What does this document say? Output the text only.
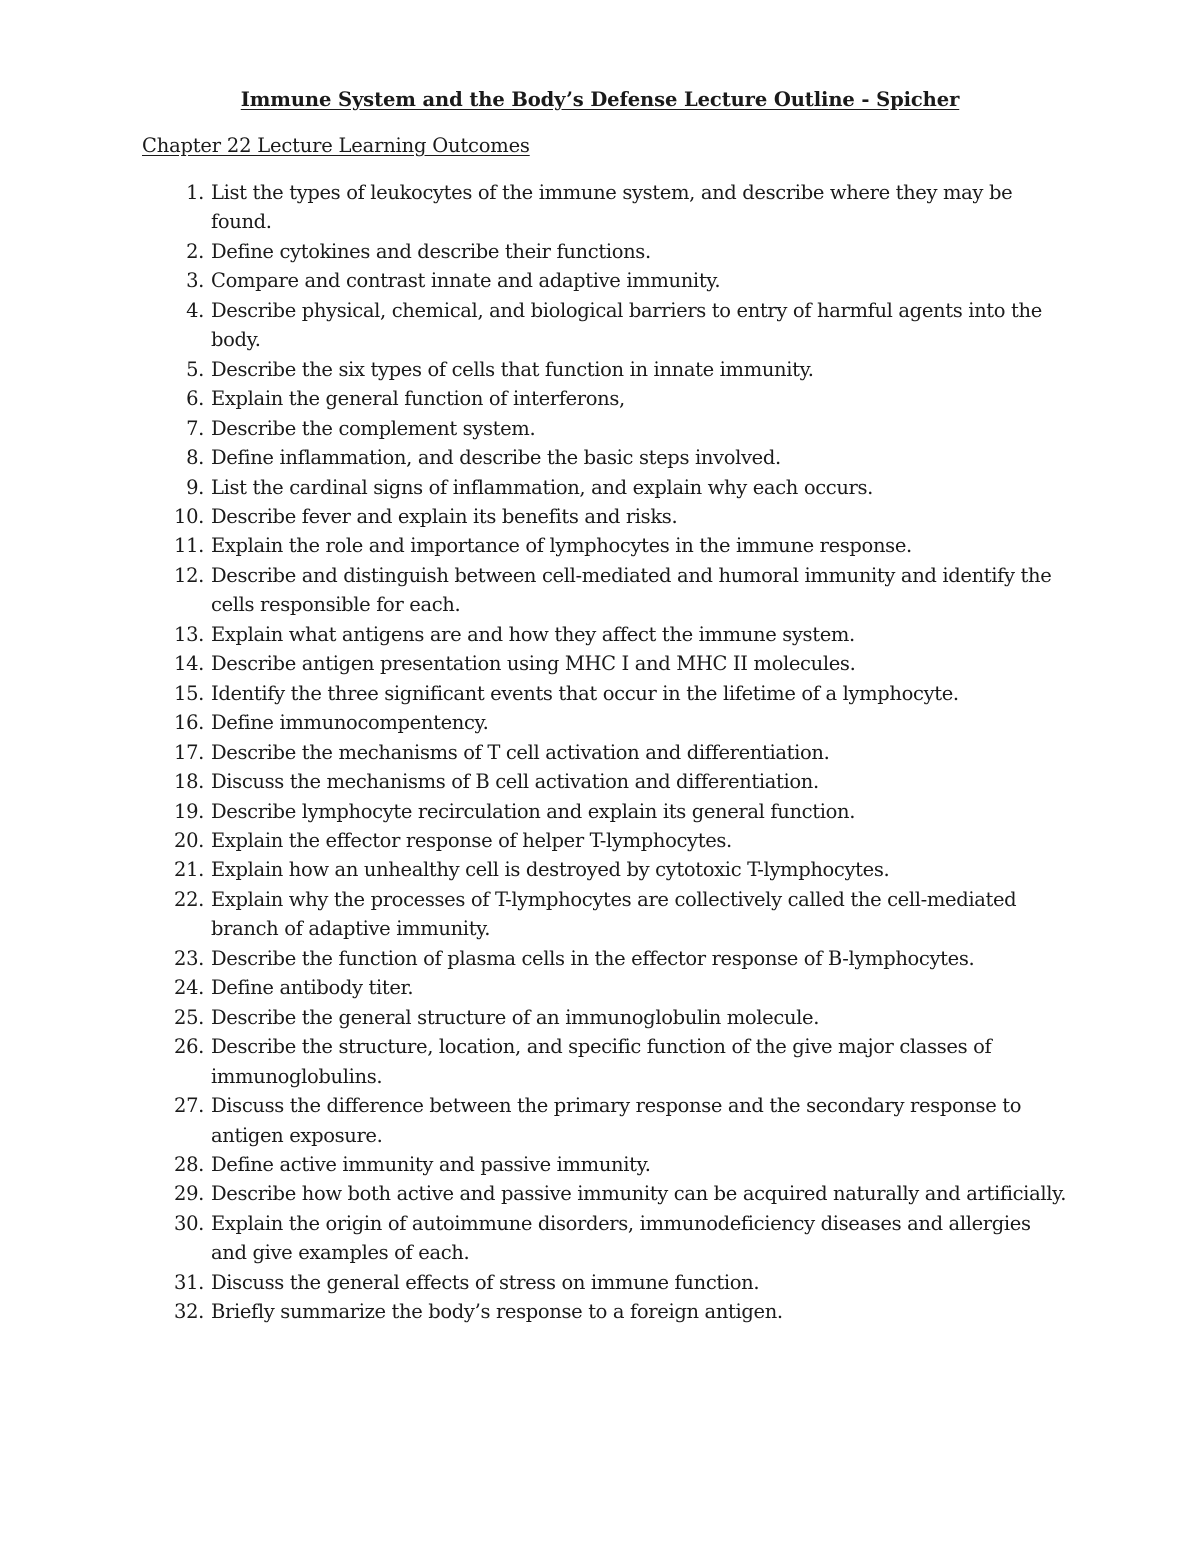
Immune System and the Body’s Defense Lecture Outline - Spicher
Chapter 22 Lecture Learning Outcomes
1. List the types of leukocytes of the immune system, and describe where they may be found.
2. Define cytokines and describe their functions.
3. Compare and contrast innate and adaptive immunity.
4. Describe physical, chemical, and biological barriers to entry of harmful agents into the body.
5. Describe the six types of cells that function in innate immunity.
6. Explain the general function of interferons,
7. Describe the complement system.
8. Define inflammation, and describe the basic steps involved.
9. List the cardinal signs of inflammation, and explain why each occurs.
10. Describe fever and explain its benefits and risks.
11. Explain the role and importance of lymphocytes in the immune response.
12. Describe and distinguish between cell-mediated and humoral immunity and identify the cells responsible for each.
13. Explain what antigens are and how they affect the immune system.
14. Describe antigen presentation using MHC I and MHC II molecules.
15. Identify the three significant events that occur in the lifetime of a lymphocyte.
16. Define immunocompentency.
17. Describe the mechanisms of T cell activation and differentiation.
18. Discuss the mechanisms of B cell activation and differentiation.
19. Describe lymphocyte recirculation and explain its general function.
20. Explain the effector response of helper T-lymphocytes.
21. Explain how an unhealthy cell is destroyed by cytotoxic T-lymphocytes.
22. Explain why the processes of T-lymphocytes are collectively called the cell-mediated branch of adaptive immunity.
23. Describe the function of plasma cells in the effector response of B-lymphocytes.
24. Define antibody titer.
25. Describe the general structure of an immunoglobulin molecule.
26. Describe the structure, location, and specific function of the give major classes of immunoglobulins.
27. Discuss the difference between the primary response and the secondary response to antigen exposure.
28. Define active immunity and passive immunity.
29. Describe how both active and passive immunity can be acquired naturally and artificially.
30. Explain the origin of autoimmune disorders, immunodeficiency diseases and allergies and give examples of each.
31. Discuss the general effects of stress on immune function.
32. Briefly summarize the body’s response to a foreign antigen.
